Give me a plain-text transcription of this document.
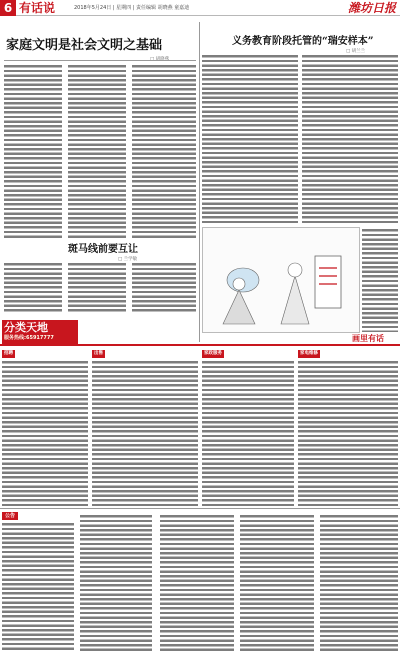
6 有话说	2018年5月24日 | 星期四 | 责任编辑 胡晓燕 童嘉迪	潍坊日报
家庭文明是社会文明之基础	义务教育阶段托管的“瑞安样本”
□ 胡兰兰
画里有话
斑马线前要互让
□ 兰学敏
分类天地
服务热线:65917777
招聘	出售	家政服务	家电维修
公告
